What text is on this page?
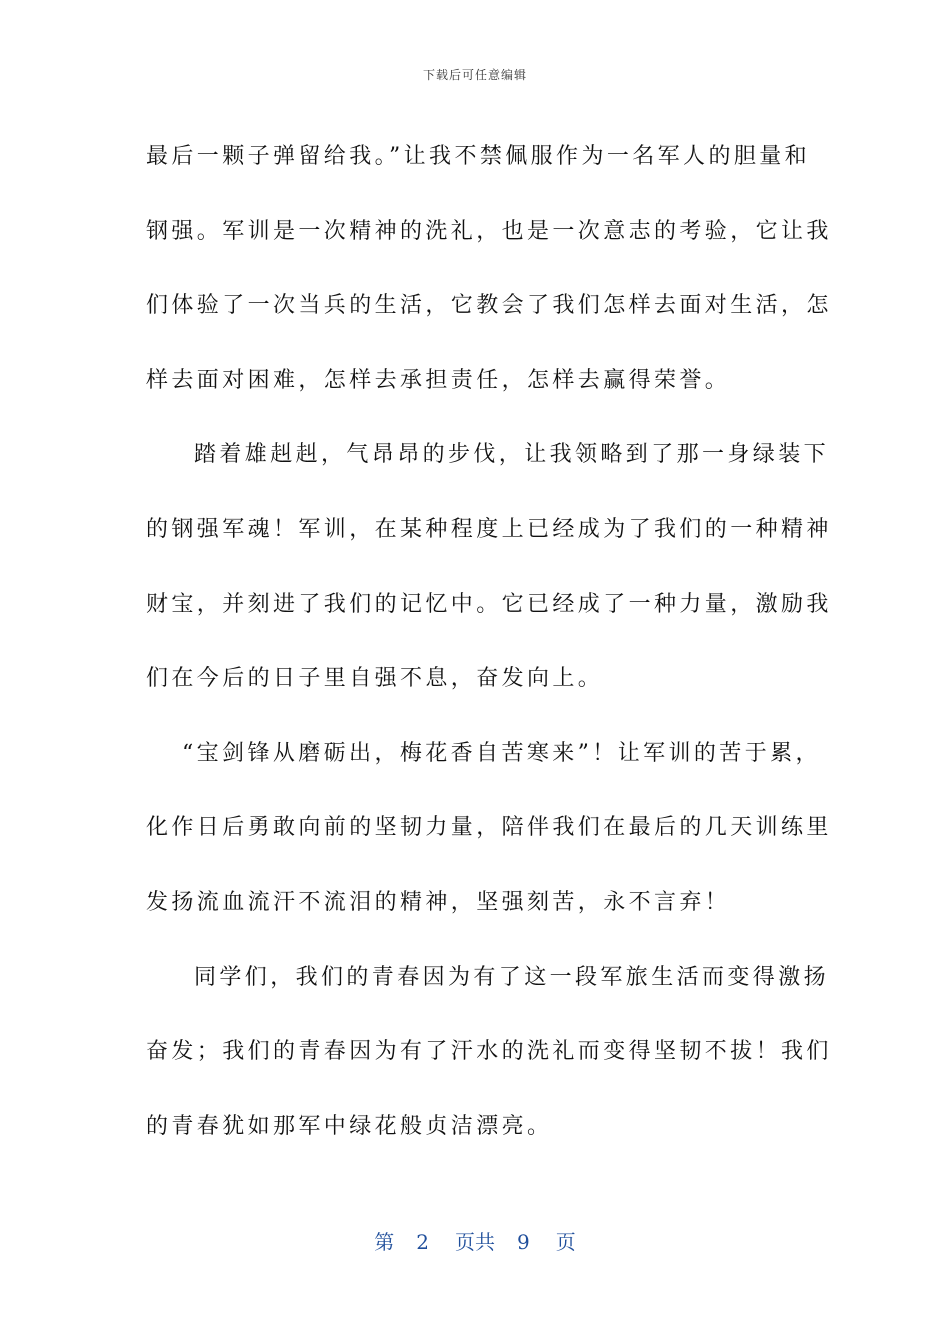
下载后可任意编辑
最后一颗子弹留给我。”让我不禁佩服作为一名军人的胆量和
钢强。军训是一次精神的洗礼，也是一次意志的考验，它让我
们体验了一次当兵的生活，它教会了我们怎样去面对生活，怎
样去面对困难，怎样去承担责任，怎样去赢得荣誉。
踏着雄赳赳，气昂昂的步伐，让我领略到了那一身绿装下
的钢强军魂！军训，在某种程度上已经成为了我们的一种精神
财宝，并刻进了我们的记忆中。它已经成了一种力量，激励我
们在今后的日子里自强不息，奋发向上。
“宝剑锋从磨砺出，梅花香自苦寒来”！让军训的苦于累，
化作日后勇敢向前的坚韧力量，陪伴我们在最后的几天训练里
发扬流血流汗不流泪的精神，坚强刻苦，永不言弃！
同学们，我们的青春因为有了这一段军旅生活而变得激扬
奋发；我们的青春因为有了汗水的洗礼而变得坚韧不拔！我们
的青春犹如那军中绿花般贞洁漂亮。
第 2 页共 9 页
